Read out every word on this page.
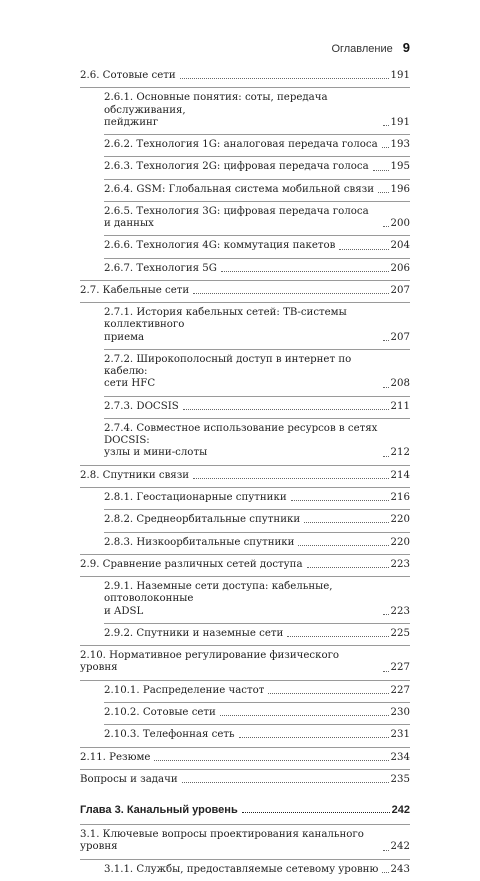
Оглавление 9
2.6. Сотовые сети	191
2.6.1. Основные понятия: соты, передача обслуживания,
пейджинг	191
2.6.2. Технология 1G: аналоговая передача голоса 193
2.6.3. Технология 2G: цифровая передача голоса 195
2.6.4. GSM: Глобальная система мобильной связи 196
2.6.5. Технология 3G: цифровая передача голоса и данных	200
2.6.6. Технология 4G: коммутация пакетов	204
2.6.7. Технология 5G	206
2.7. Кабельные сети	207
2.7.1. История кабельных сетей: ТВ-системы коллективного
приема	207
2.7.2. Широкополосный доступ в интернет по кабелю:
сети HFC	208
2.7.3. DOCSIS	211
2.7.4. Совместное использование ресурсов в сетях DOCSIS:
узлы и мини-слоты	212
2.8. Спутники связи	214
2.8.1. Геостационарные спутники	216
2.8.2. Среднеорбитальные спутники	220
2.8.3. Низкоорбитальные спутники	220
2.9. Сравнение различных сетей доступа	223
2.9.1. Наземные сети доступа: кабельные, оптоволоконные
и ADSL	223
2.9.2. Спутники и наземные сети	225
2.10. Нормативное регулирование физического уровня	227
2.10.1. Распределение частот	227
2.10.2. Сотовые сети	230
2.10.3. Телефонная сеть	231
2.11. Резюме	234
Вопросы и задачи	235
Глава 3. Канальный уровень	242
3.1. Ключевые вопросы проектирования канального уровня	242
3.1.1. Службы, предоставляемые сетевому уровню 243
